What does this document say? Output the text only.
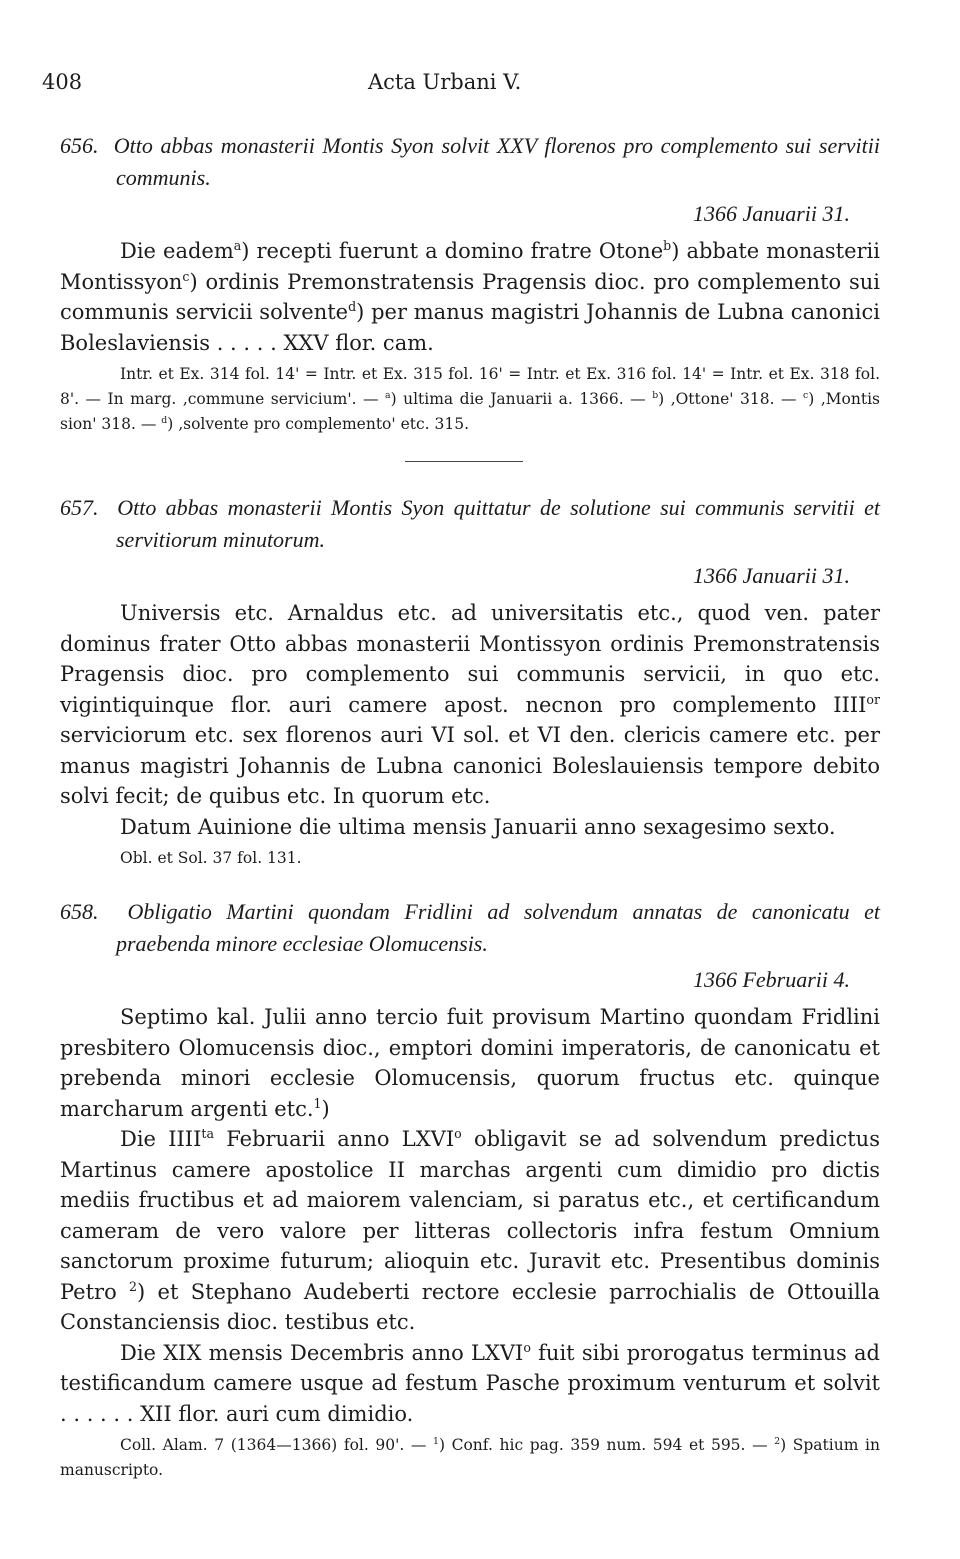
408	Acta Urbani V.

656. Otto abbas monasterii Montis Syon solvit XXV florenos pro complemento sui servitii communis.

1366 Januarii 31.

Die eadem$^a$) recepti fuerunt a domino fratre Otone$^b$) abbate monasterii Montissyon$^c$) ordinis Premonstratensis Pragensis dioc. pro complemento sui communis servicii solvente$^d$) per manus magistri Johannis de Lubna canonici Boleslaviensis . . . . . XXV flor. cam.

Intr. et Ex. 314 fol. 14' = Intr. et Ex. 315 fol. 16' = Intr. et Ex. 316 fol. 14' = Intr. et Ex. 318 fol. 8'. — In marg. ‚commune servicium'. — $^a$) ultima die Januarii a. 1366. — $^b$) ‚Ottone' 318. — $^c$) ‚Montis sion' 318. — $^d$) ‚solvente pro complemento' etc. 315.

657. Otto abbas monasterii Montis Syon quittatur de solutione sui communis servitii et servitiorum minutorum.

1366 Januarii 31.

Universis etc. Arnaldus etc. ad universitatis etc., quod ven. pater dominus frater Otto abbas monasterii Montissyon ordinis Premonstratensis Pragensis dioc. pro complemento sui communis servicii, in quo etc. vigintiquinque flor. auri camere apost. necnon pro complemento $IIII^{or}$ serviciorum etc. sex florenos auri VI sol. et VI den. clericis camere etc. per manus magistri Johannis de Lubna canonici Boleslauiensis tempore debito solvi fecit; de quibus etc. In quorum etc.

Datum Auinione die ultima mensis Januarii anno sexagesimo sexto.

Obl. et Sol. 37 fol. 131.

658. Obligatio Martini quondam Fridlini ad solvendum annatas de canonicatu et praebenda minore ecclesiae Olomucensis.

1366 Februarii 4.

Septimo kal. Julii anno tercio fuit provisum Martino quondam Fridlini presbitero Olomucensis dioc., emptori domini imperatoris, de canonicatu et prebenda minori ecclesie Olomucensis, quorum fructus etc. quinque marcharum argenti etc.$^1$)

Die $IIII^{ta}$ Februarii anno LXVI$^o$ obligavit se ad solvendum predictus Martinus camere apostolice II marchas argenti cum dimidio pro dictis mediis fructibus et ad maiorem valenciam, si paratus etc., et certificandum cameram de vero valore per litteras collectoris infra festum Omnium sanctorum proxime futurum; alioquin etc. Juravit etc. Presentibus dominis Petro $^2$) et Stephano Audeberti rectore ecclesie parrochialis de Ottouilla Constanciensis dioc. testibus etc.

Die XIX mensis Decembris anno LXVI$^o$ fuit sibi prorogatus terminus ad testificandum camere usque ad festum Pasche proximum venturum et solvit . . . . . . XII flor. auri cum dimidio.

Coll. Alam. 7 (1364—1366) fol. 90'. — $^1$) Conf. hic pag. 359 num. 594 et 595. — $^2$) Spatium in manuscripto.
